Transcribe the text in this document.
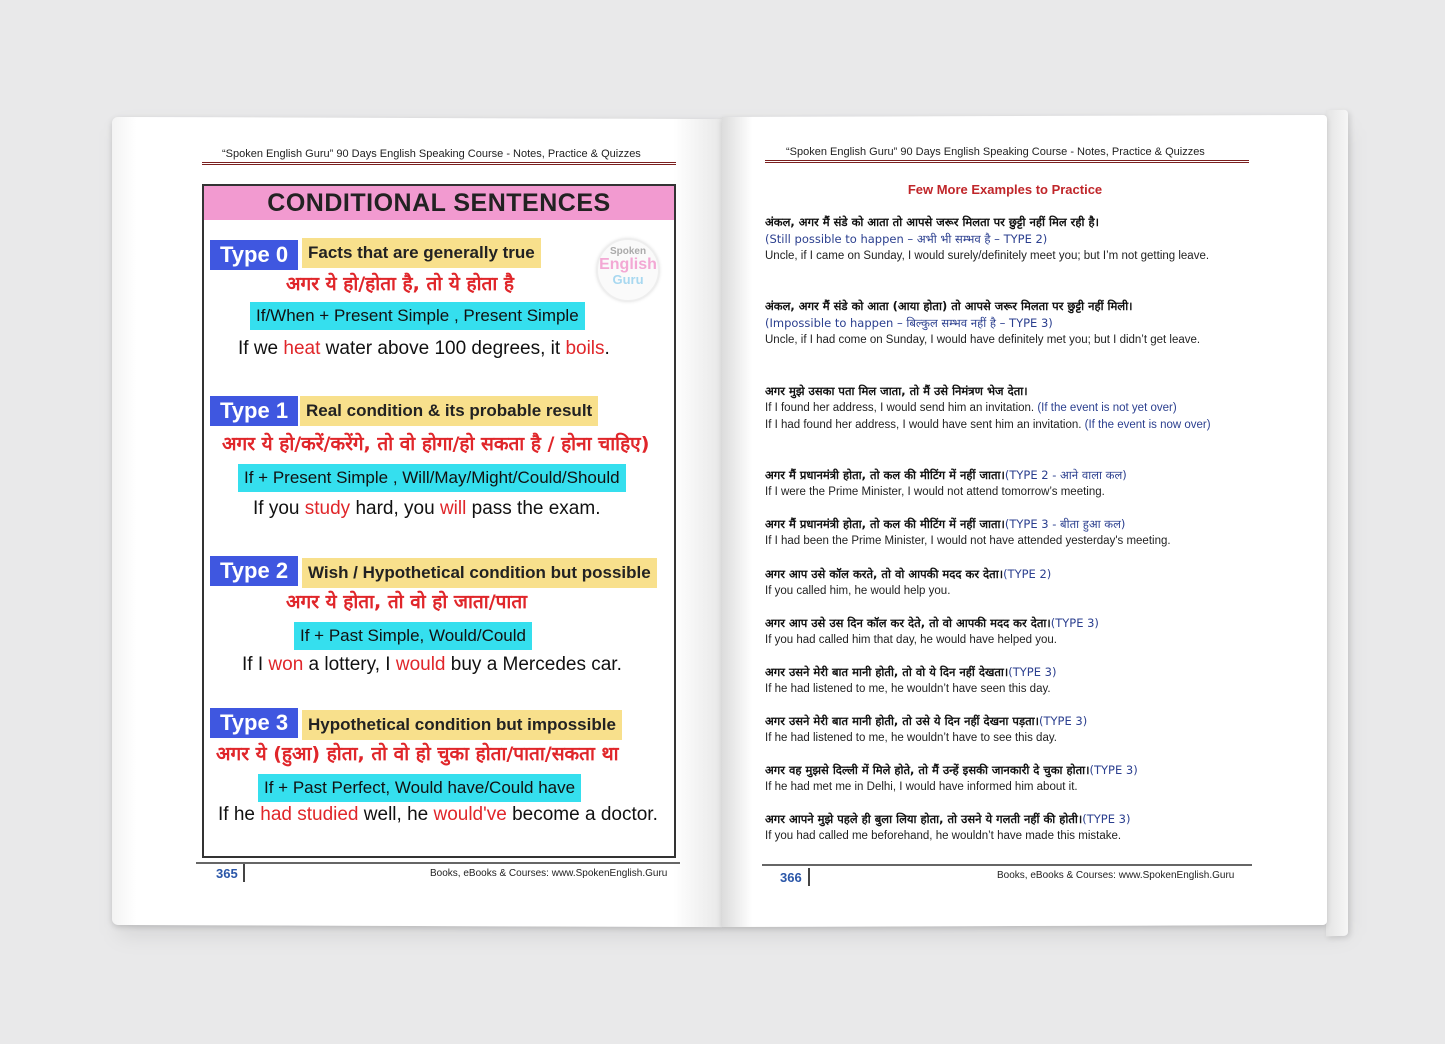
“Spoken English Guru” 90 Days English Speaking Course - Notes, Practice & Quizzes
CONDITIONAL SENTENCES
Spoken
English
Guru
Type 0	Facts that are generally true
अगर ये हो/होता है, तो ये होता है
If/When + Present Simple , Present Simple
If we heat water above 100 degrees, it boils.
Type 1	Real condition & its probable result
अगर ये हो/करें/करेंगे, तो वो होगा/हो सकता है / होना चाहिए)
If + Present Simple , Will/May/Might/Could/Should
If you study hard, you will pass the exam.
Type 2	Wish / Hypothetical condition but possible
अगर ये होता, तो वो हो जाता/पाता
If + Past Simple, Would/Could
If I won a lottery, I would buy a Mercedes car.
Type 3	Hypothetical condition but impossible
अगर ये (हुआ) होता, तो वो हो चुका होता/पाता/सकता था
If + Past Perfect, Would have/Could have
If he had studied well, he would've become a doctor.
365	Books, eBooks & Courses: www.SpokenEnglish.Guru
“Spoken English Guru” 90 Days English Speaking Course - Notes, Practice & Quizzes
Few More Examples to Practice
अंकल, अगर मैं संडे को आता तो आपसे जरूर मिलता पर छुट्टी नहीं मिल रही है।
(Still possible to happen – अभी भी सम्भव है – TYPE 2)
Uncle, if I came on Sunday, I would surely/definitely meet you; but I’m not getting leave.
अंकल, अगर मैं संडे को आता (आया होता) तो आपसे जरूर मिलता पर छुट्टी नहीं मिली।
(Impossible to happen – बिल्कुल सम्भव नहीं है – TYPE 3)
Uncle, if I had come on Sunday, I would have definitely met you; but I didn’t get leave.
अगर मुझे उसका पता मिल जाता, तो मैं उसे निमंत्रण भेज देता।
If I found her address, I would send him an invitation. (If the event is not yet over)
If I had found her address, I would have sent him an invitation. (If the event is now over)
अगर मैं प्रधानमंत्री होता, तो कल की मीटिंग में नहीं जाता।(TYPE 2 - आने वाला कल)
If I were the Prime Minister, I would not attend tomorrow’s meeting.
अगर मैं प्रधानमंत्री होता, तो कल की मीटिंग में नहीं जाता।(TYPE 3 - बीता हुआ कल)
If I had been the Prime Minister, I would not have attended yesterday's meeting.
अगर आप उसे कॉल करते, तो वो आपकी मदद कर देता।(TYPE 2)
If you called him, he would help you.
अगर आप उसे उस दिन कॉल कर देते, तो वो आपकी मदद कर देता।(TYPE 3)
If you had called him that day, he would have helped you.
अगर उसने मेरी बात मानी होती, तो वो ये दिन नहीं देखता।(TYPE 3)
If he had listened to me, he wouldn’t have seen this day.
अगर उसने मेरी बात मानी होती, तो उसे ये दिन नहीं देखना पड़ता।(TYPE 3)
If he had listened to me, he wouldn’t have to see this day.
अगर वह मुझसे दिल्ली में मिले होते, तो मैं उन्हें इसकी जानकारी दे चुका होता।(TYPE 3)
If he had met me in Delhi, I would have informed him about it.
अगर आपने मुझे पहले ही बुला लिया होता, तो उसने ये गलती नहीं की होती।(TYPE 3)
If you had called me beforehand, he wouldn’t have made this mistake.
366	Books, eBooks & Courses: www.SpokenEnglish.Guru
